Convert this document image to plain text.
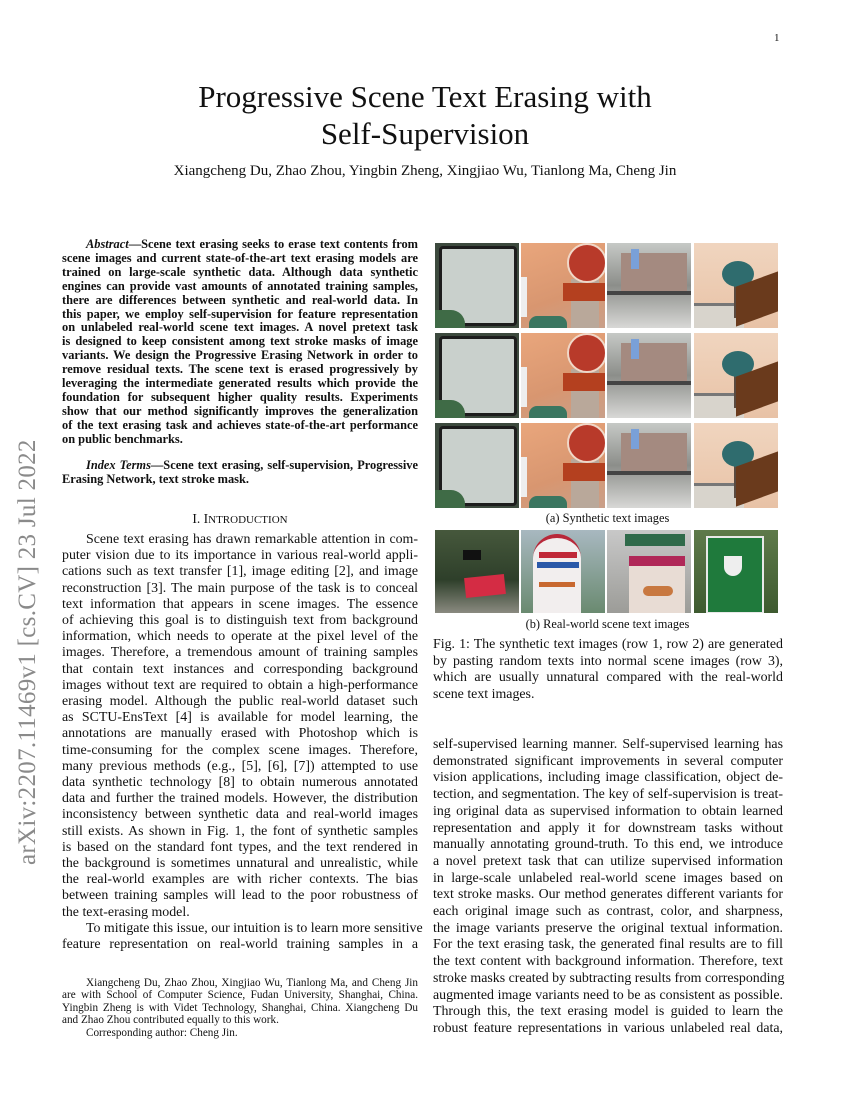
1
arXiv:2207.11469v1 [cs.CV] 23 Jul 2022
Progressive Scene Text Erasing with
Self-Supervision
Xiangcheng Du, Zhao Zhou, Yingbin Zheng, Xingjiao Wu, Tianlong Ma, Cheng Jin
Abstract—Scene text erasing seeks to erase text contents from
scene images and current state-of-the-art text erasing models are
trained on large-scale synthetic data. Although data synthetic
engines can provide vast amounts of annotated training samples,
there are differences between synthetic and real-world data. In
this paper, we employ self-supervision for feature representation
on unlabeled real-world scene text images. A novel pretext task
is designed to keep consistent among text stroke masks of image
variants. We design the Progressive Erasing Network in order to
remove residual texts. The scene text is erased progressively by
leveraging the intermediate generated results which provide the
foundation for subsequent higher quality results. Experiments
show that our method significantly improves the generalization
of the text erasing task and achieves state-of-the-art performance
on public benchmarks.
Index Terms—Scene text erasing, self-supervision, Progressive
Erasing Network, text stroke mask.
I. INTRODUCTION
Scene text erasing has drawn remarkable attention in com-
puter vision due to its importance in various real-world appli-
cations such as text transfer [1], image editing [2], and image
reconstruction [3]. The main purpose of the task is to conceal
text information that appears in scene images. The essence
of achieving this goal is to distinguish text from background
information, which needs to operate at the pixel level of the
images. Therefore, a tremendous amount of training samples
that contain text instances and corresponding background
images without text are required to obtain a high-performance
erasing model. Although the public real-world dataset such
as SCTU-EnsText [4] is available for model learning, the
annotations are manually erased with Photoshop which is
time-consuming for the complex scene images. Therefore,
many previous methods (e.g., [5], [6], [7]) attempted to use
data synthetic technology [8] to obtain numerous annotated
data and further the trained models. However, the distribution
inconsistency between synthetic data and real-world images
still exists. As shown in Fig. 1, the font of synthetic samples
is based on the standard font types, and the text rendered in
the background is sometimes unnatural and unrealistic, while
the real-world examples are with richer contexts. The bias
between training samples will lead to the poor robustness of
the text-erasing model.
To mitigate this issue, our intuition is to learn more sensitive
feature representation on real-world training samples in a
Xiangcheng Du, Zhao Zhou, Xingjiao Wu, Tianlong Ma, and Cheng Jin
are with School of Computer Science, Fudan University, Shanghai, China.
Yingbin Zheng is with Videt Technology, Shanghai, China. Xiangcheng Du
and Zhao Zhou contributed equally to this work.
Corresponding author: Cheng Jin.
self-supervised learning manner. Self-supervised learning has
demonstrated significant improvements in several computer
vision applications, including image classification, object de-
tection, and segmentation. The key of self-supervision is treat-
ing original data as supervised information to obtain learned
representation and apply it for downstream tasks without
manually annotating ground-truth. To this end, we introduce
a novel pretext task that can utilize supervised information
in large-scale unlabeled real-world scene images based on
text stroke masks. Our method generates different variants for
each original image such as contrast, color, and sharpness,
the image variants preserve the original textual information.
For the text erasing task, the generated final results are to fill
the text content with background information. Therefore, text
stroke masks created by subtracting results from corresponding
augmented image variants need to be as consistent as possible.
Through this, the text erasing model is guided to learn the
robust feature representations in various unlabeled real data,
(a) Synthetic text images
(b) Real-world scene text images
Fig. 1: The synthetic text images (row 1, row 2) are generated
by pasting random texts into normal scene images (row 3),
which are usually unnatural compared with the real-world
scene text images.
